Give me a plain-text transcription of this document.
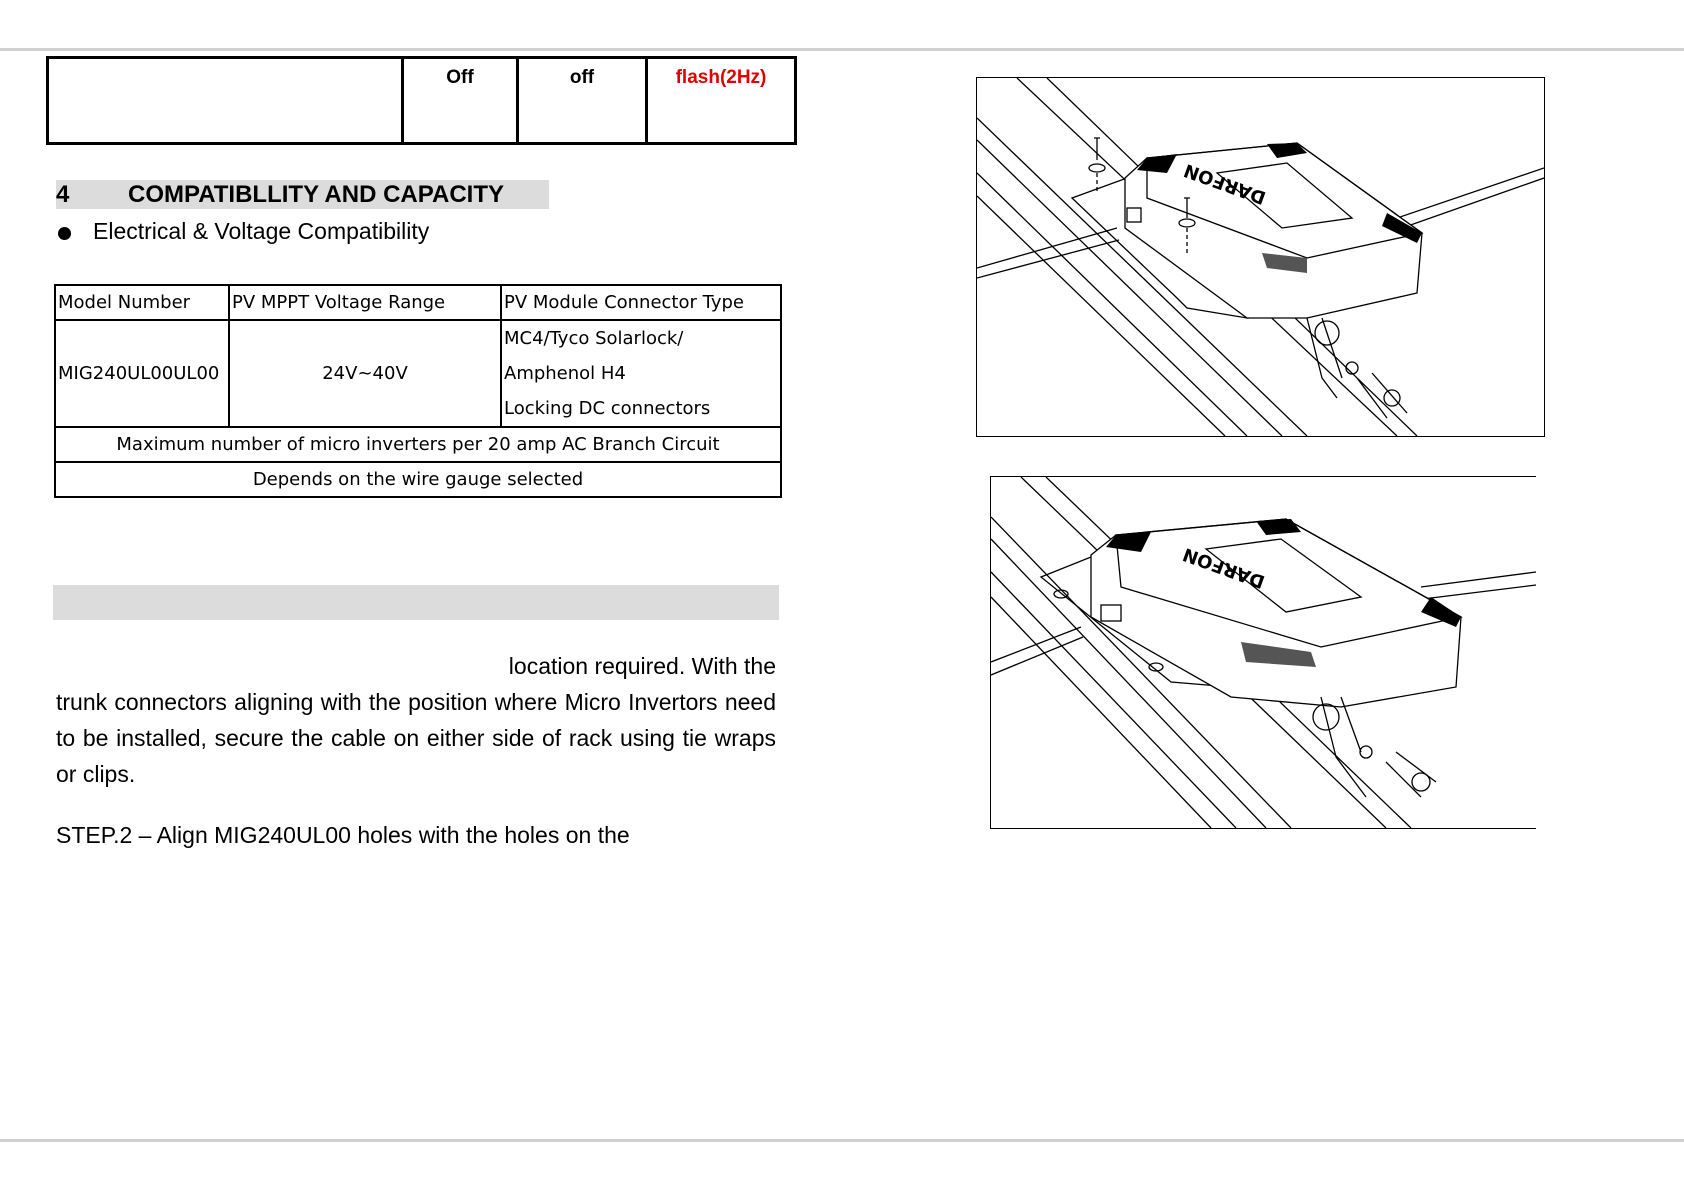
	Off	off	flash(2Hz)
4 COMPATIBLLITY AND CAPACITY
Electrical & Voltage Compatibility
Model Number	PV MPPT Voltage Range	PV Module Connector Type
MIG240UL00UL00	24V~40V	MC4/Tyco Solarlock/
Amphenol H4
Locking DC connectors

Maximum number of micro inverters per 20 amp AC Branch Circuit		
Depends on the wire gauge selected		
location required. With the
trunk connectors aligning with the position where Micro Invertors need to be installed, secure the cable on either side of rack using tie wraps or clips.
STEP.2 – Align MIG240UL00 holes with the holes on the
DARFON
DARFON
